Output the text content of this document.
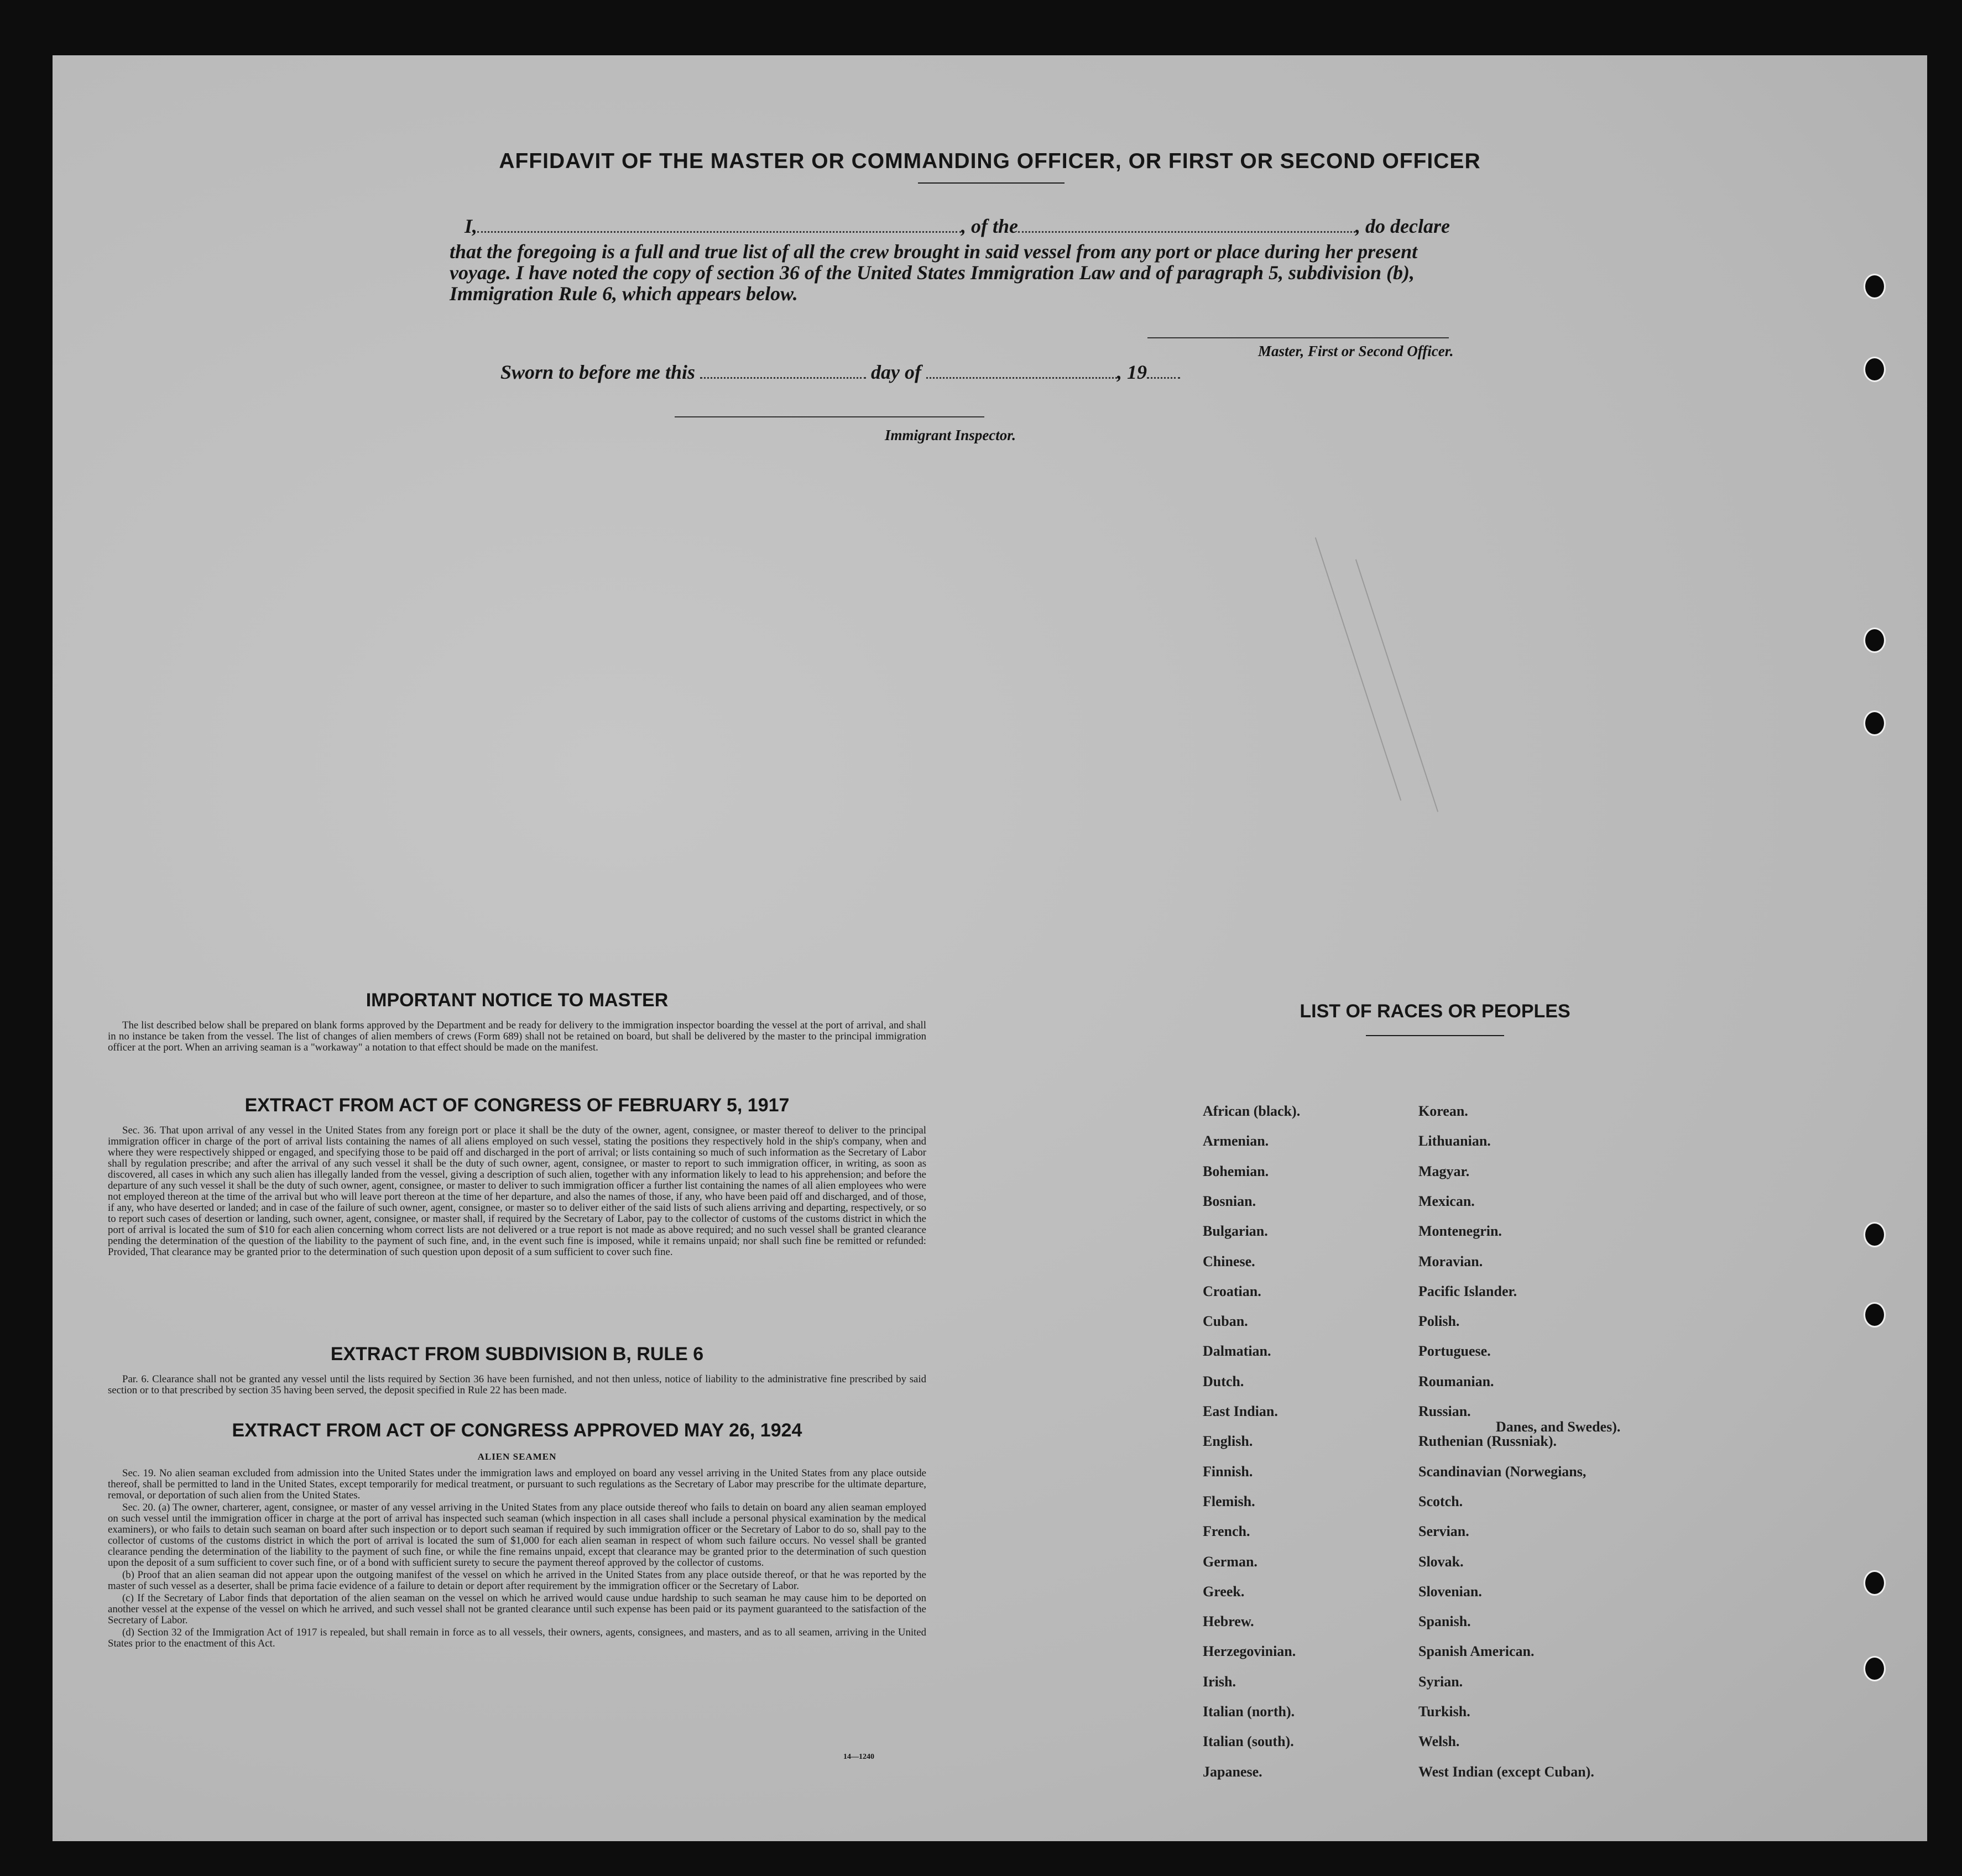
AFFIDAVIT OF THE MASTER OR COMMANDING OFFICER, OR FIRST OR SECOND OFFICER
I,	, of the	, do declare
that the foregoing is a full and true list of all the crew brought in said vessel from any port or place during her present
voyage. I have noted the copy of section 36 of the United States Immigration Law and of paragraph 5, subdivision (b),
Immigration Rule 6, which appears below.
Master, First or Second Officer.
Sworn to before me this	day of	, 19
Immigrant Inspector.
IMPORTANT NOTICE TO MASTER

The list described below shall be prepared on blank forms approved by the Department and be ready for delivery to the immigration inspector boarding the vessel at the port of arrival, and shall in no instance be taken from the vessel. The list of changes of alien members of crews (Form 689) shall not be retained on board, but shall be delivered by the master to the principal immigration officer at the port. When an arriving seaman is a "workaway" a notation to that effect should be made on the manifest.

EXTRACT FROM ACT OF CONGRESS OF FEBRUARY 5, 1917

Sec. 36. That upon arrival of any vessel in the United States from any foreign port or place it shall be the duty of the owner, agent, consignee, or master thereof to deliver to the principal immigration officer in charge of the port of arrival lists containing the names of all aliens employed on such vessel, stating the positions they respectively hold in the ship's company, when and where they were respectively shipped or engaged, and specifying those to be paid off and discharged in the port of arrival; or lists containing so much of such information as the Secretary of Labor shall by regulation prescribe; and after the arrival of any such vessel it shall be the duty of such owner, agent, consignee, or master to report to such immigration officer, in writing, as soon as discovered, all cases in which any such alien has illegally landed from the vessel, giving a description of such alien, together with any information likely to lead to his apprehension; and before the departure of any such vessel it shall be the duty of such owner, agent, consignee, or master to deliver to such immigration officer a further list containing the names of all alien employees who were not employed thereon at the time of the arrival but who will leave port thereon at the time of her departure, and also the names of those, if any, who have been paid off and discharged, and of those, if any, who have deserted or landed; and in case of the failure of such owner, agent, consignee, or master so to deliver either of the said lists of such aliens arriving and departing, respectively, or so to report such cases of desertion or landing, such owner, agent, consignee, or master shall, if required by the Secretary of Labor, pay to the collector of customs of the customs district in which the port of arrival is located the sum of $10 for each alien concerning whom correct lists are not delivered or a true report is not made as above required; and no such vessel shall be granted clearance pending the determination of the question of the liability to the payment of such fine, and, in the event such fine is imposed, while it remains unpaid; nor shall such fine be remitted or refunded: Provided, That clearance may be granted prior to the determination of such question upon deposit of a sum sufficient to cover such fine.

EXTRACT FROM SUBDIVISION B, RULE 6

Par. 6. Clearance shall not be granted any vessel until the lists required by Section 36 have been furnished, and not then unless, notice of liability to the administrative fine prescribed by said section or to that prescribed by section 35 having been served, the deposit specified in Rule 22 has been made.

EXTRACT FROM ACT OF CONGRESS APPROVED MAY 26, 1924
ALIEN SEAMEN

Sec. 19. No alien seaman excluded from admission into the United States under the immigration laws and employed on board any vessel arriving in the United States from any place outside thereof, shall be permitted to land in the United States, except temporarily for medical treatment, or pursuant to such regulations as the Secretary of Labor may prescribe for the ultimate departure, removal, or deportation of such alien from the United States.

Sec. 20. (a) The owner, charterer, agent, consignee, or master of any vessel arriving in the United States from any place outside thereof who fails to detain on board any alien seaman employed on such vessel until the immigration officer in charge at the port of arrival has inspected such seaman (which inspection in all cases shall include a personal physical examination by the medical examiners), or who fails to detain such seaman on board after such inspection or to deport such seaman if required by such immigration officer or the Secretary of Labor to do so, shall pay to the collector of customs of the customs district in which the port of arrival is located the sum of $1,000 for each alien seaman in respect of whom such failure occurs. No vessel shall be granted clearance pending the determination of the liability to the payment of such fine, or while the fine remains unpaid, except that clearance may be granted prior to the determination of such question upon the deposit of a sum sufficient to cover such fine, or of a bond with sufficient surety to secure the payment thereof approved by the collector of customs.

(b) Proof that an alien seaman did not appear upon the outgoing manifest of the vessel on which he arrived in the United States from any place outside thereof, or that he was reported by the master of such vessel as a deserter, shall be prima facie evidence of a failure to detain or deport after requirement by the immigration officer or the Secretary of Labor.

(c) If the Secretary of Labor finds that deportation of the alien seaman on the vessel on which he arrived would cause undue hardship to such seaman he may cause him to be deported on another vessel at the expense of the vessel on which he arrived, and such vessel shall not be granted clearance until such expense has been paid or its payment guaranteed to the satisfaction of the Secretary of Labor.

(d) Section 32 of the Immigration Act of 1917 is repealed, but shall remain in force as to all vessels, their owners, agents, consignees, and masters, and as to all seamen, arriving in the United States prior to the enactment of this Act.

14—1240
LIST OF RACES OR PEOPLES
African (black).
Armenian.
Bohemian.
Bosnian.
Bulgarian.
Chinese.
Croatian.
Cuban.
Dalmatian.
Dutch.
East Indian.
English.
Finnish.
Flemish.
French.
German.
Greek.
Hebrew.
Herzegovinian.
Irish.
Italian (north).
Italian (south).
Japanese.
Korean.
Lithuanian.
Magyar.
Mexican.
Montenegrin.
Moravian.
Pacific Islander.
Polish.
Portuguese.
Roumanian.
Russian.
Ruthenian (Russniak).
Scandinavian (Norwegians,
Scotch.
Servian.
Slovak.
Slovenian.
Spanish.
Spanish American.
Syrian.
Turkish.
Welsh.
West Indian (except Cuban).
Danes, and Swedes).
